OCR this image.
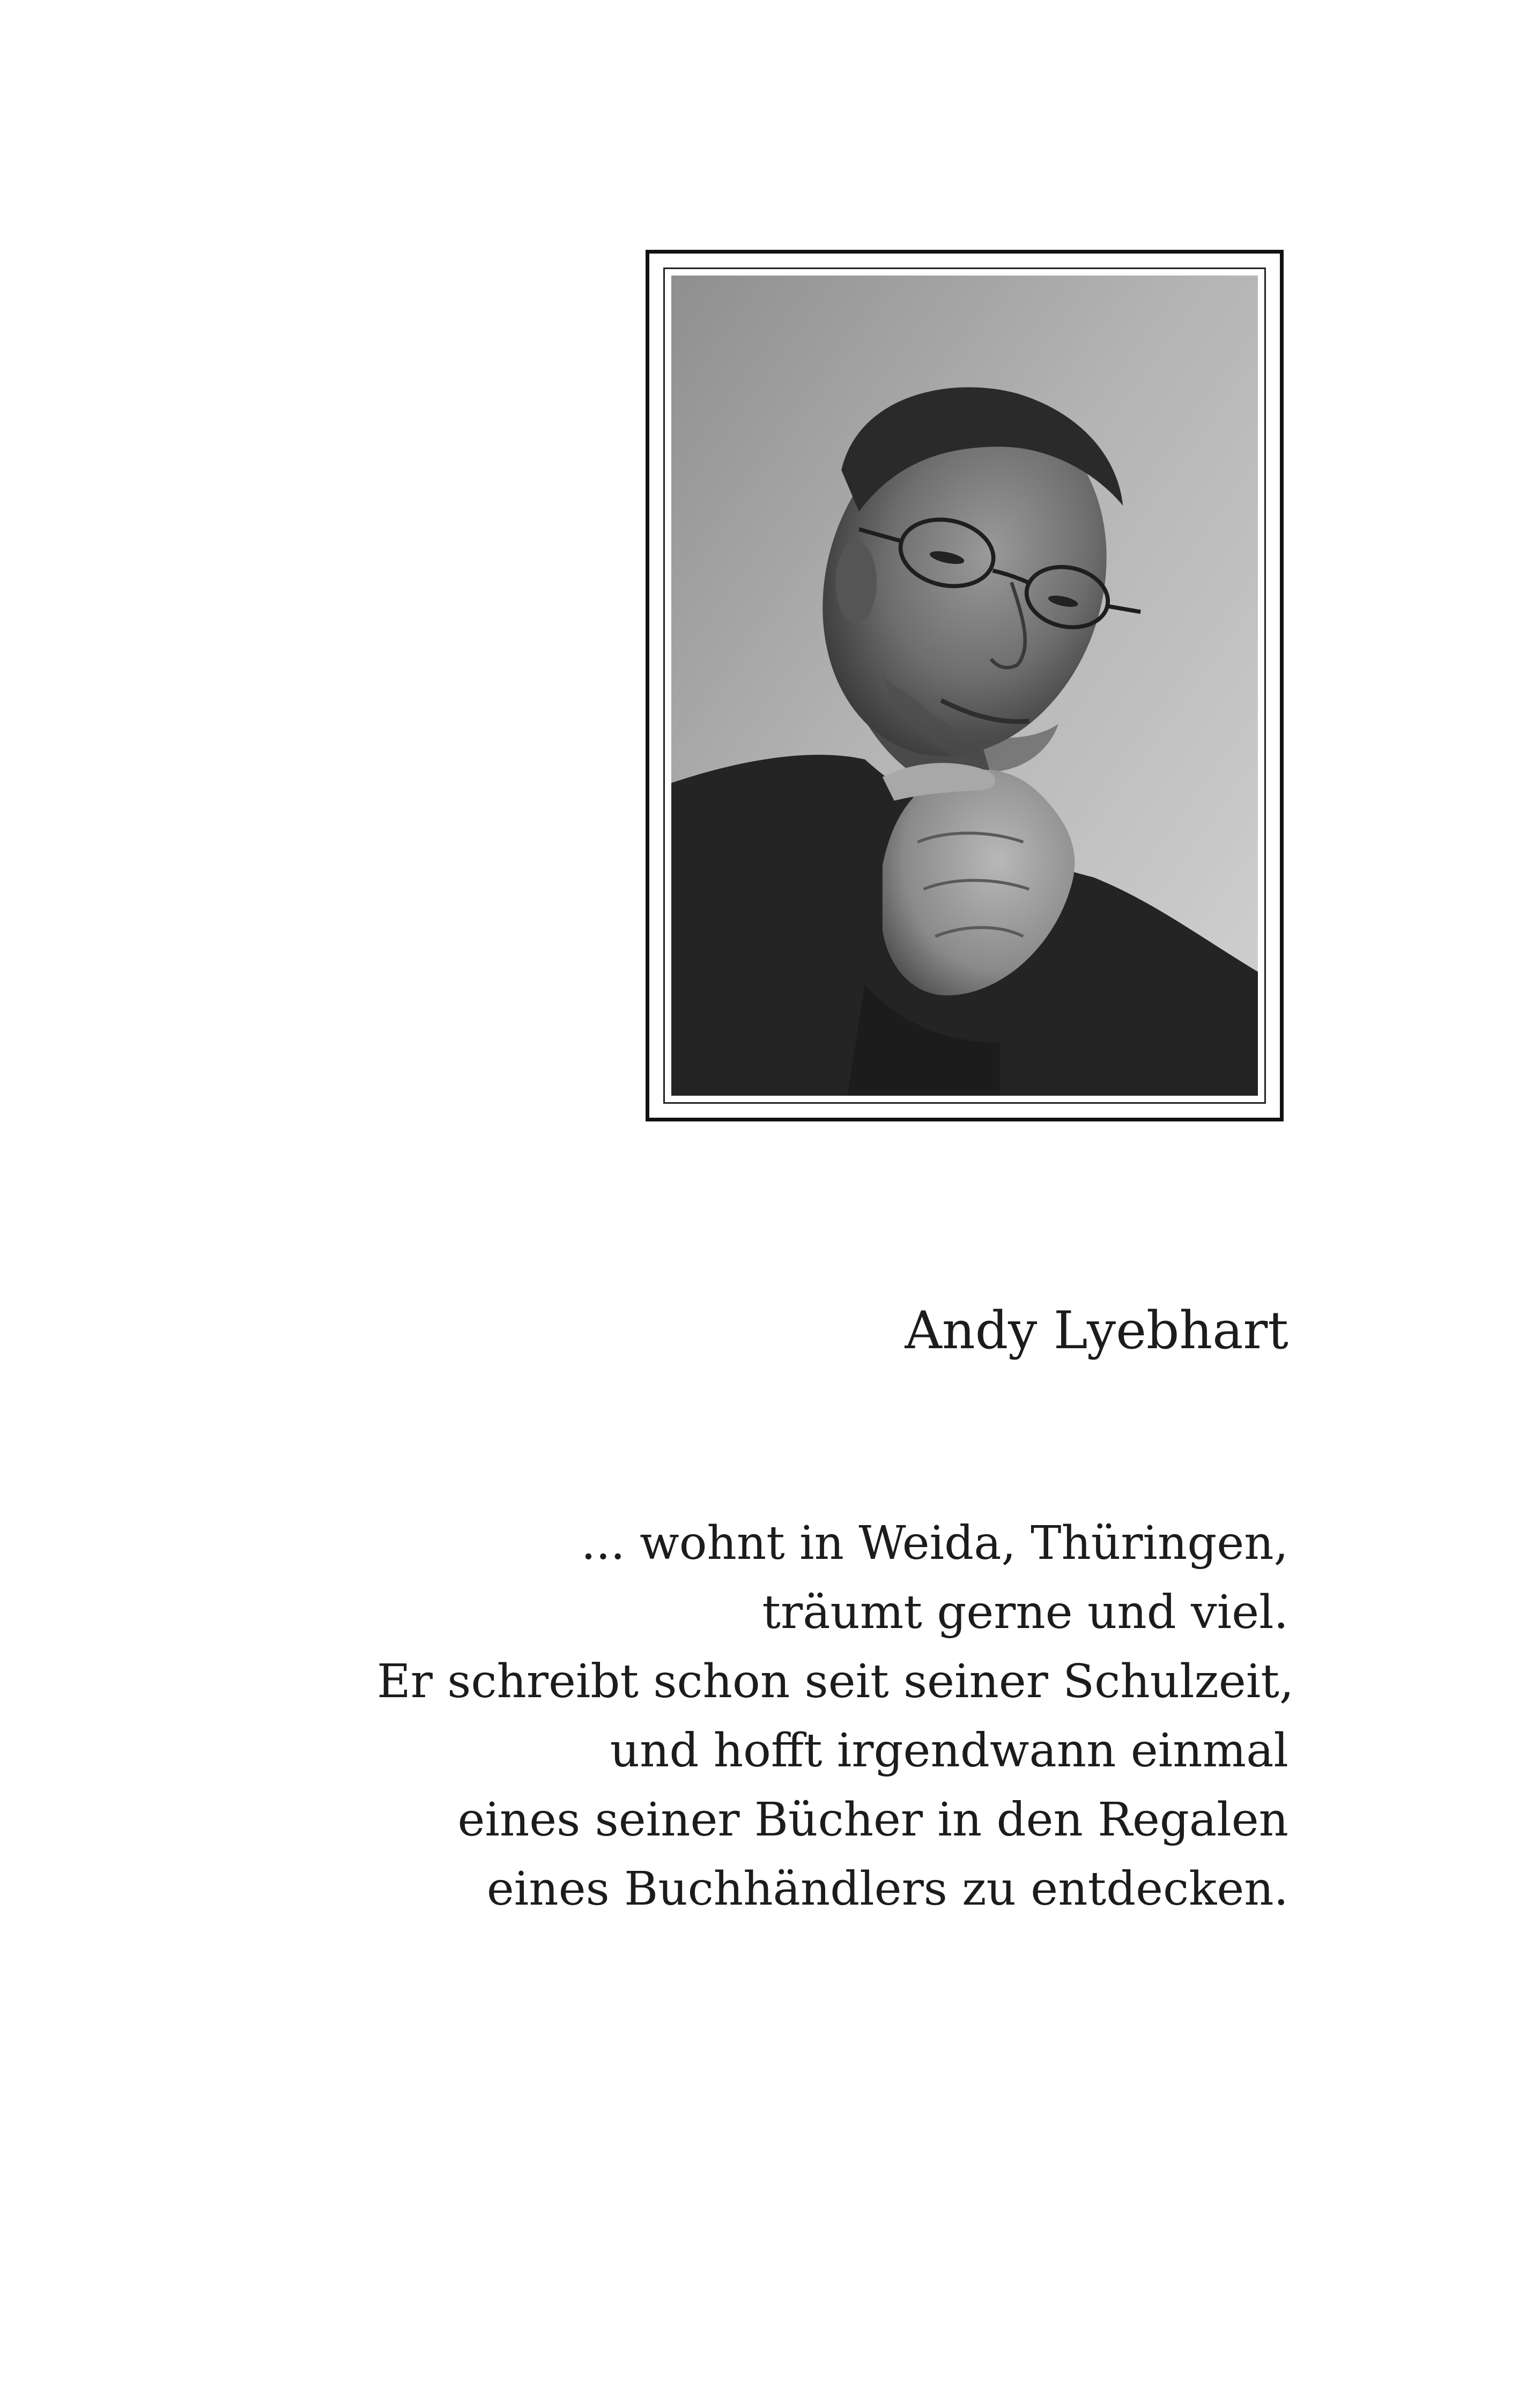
Andy Lyebhart
... wohnt in Weida, Thüringen,
träumt gerne und viel.
Er schreibt schon seit seiner Schulzeit,
und hofft irgendwann einmal
eines seiner Bücher in den Regalen
eines Buchhändlers zu entdecken.
